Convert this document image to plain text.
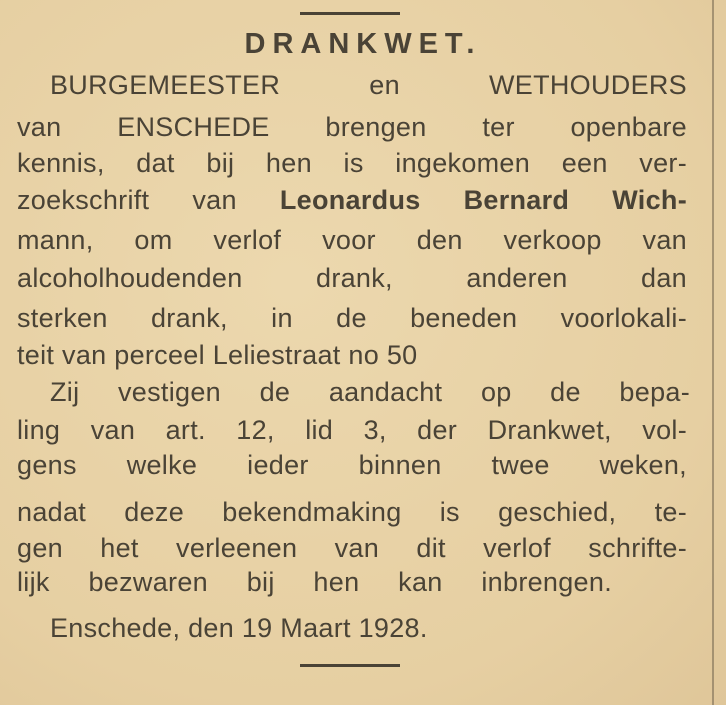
DRANKWET.
BURGEMEESTER en WETHOUDERS
van ENSCHEDE brengen ter openbare
kennis, dat bij hen is ingekomen een ver-
zoekschrift van Leonardus Bernard Wich-
mann, om verlof voor den verkoop van
alcoholhoudenden drank, anderen dan
sterken drank, in de beneden voorlokali-
teit van perceel Leliestraat no 50
Zij vestigen de aandacht op de bepa-
ling van art. 12, lid 3, der Drankwet, vol-
gens welke ieder binnen twee weken,
nadat deze bekendmaking is geschied, te-
gen het verleenen van dit verlof schrifte-
lijk bezwaren bij hen kan inbrengen.
Enschede, den 19 Maart 1928.
